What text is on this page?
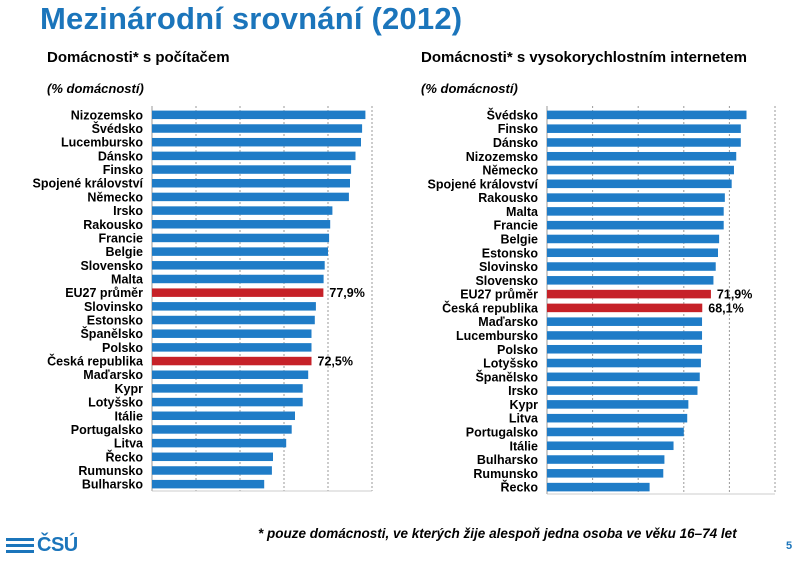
Mezinárodní srovnání (2012)
Domácnosti* s počítačem
(% domácností)
Nizozemsko
Švédsko
Lucembursko
Dánsko
Finsko
Spojené království
Německo
Irsko
Rakousko
Francie
Belgie
Slovensko
Malta
EU27 průměr
Slovinsko
Estonsko
Španělsko
Polsko
Česká republika
Maďarsko
Kypr
Lotyšsko
Itálie
Portugalsko
Litva
Řecko
Rumunsko
Bulharsko
77,9%
72,5%
Domácnosti* s vysokorychlostním internetem
(% domácností)
Švédsko
Finsko
Dánsko
Nizozemsko
Německo
Spojené království
Rakousko
Malta
Francie
Belgie
Estonsko
Slovinsko
Slovensko
EU27 průměr
Česká republika
Maďarsko
Lucembursko
Polsko
Lotyšsko
Španělsko
Irsko
Kypr
Litva
Portugalsko
Itálie
Bulharsko
Rumunsko
Řecko
71,9%
68,1%
* pouze domácnosti, ve kterých žije alespoň jedna osoba ve věku 16–74 let
ČSÚ	5
